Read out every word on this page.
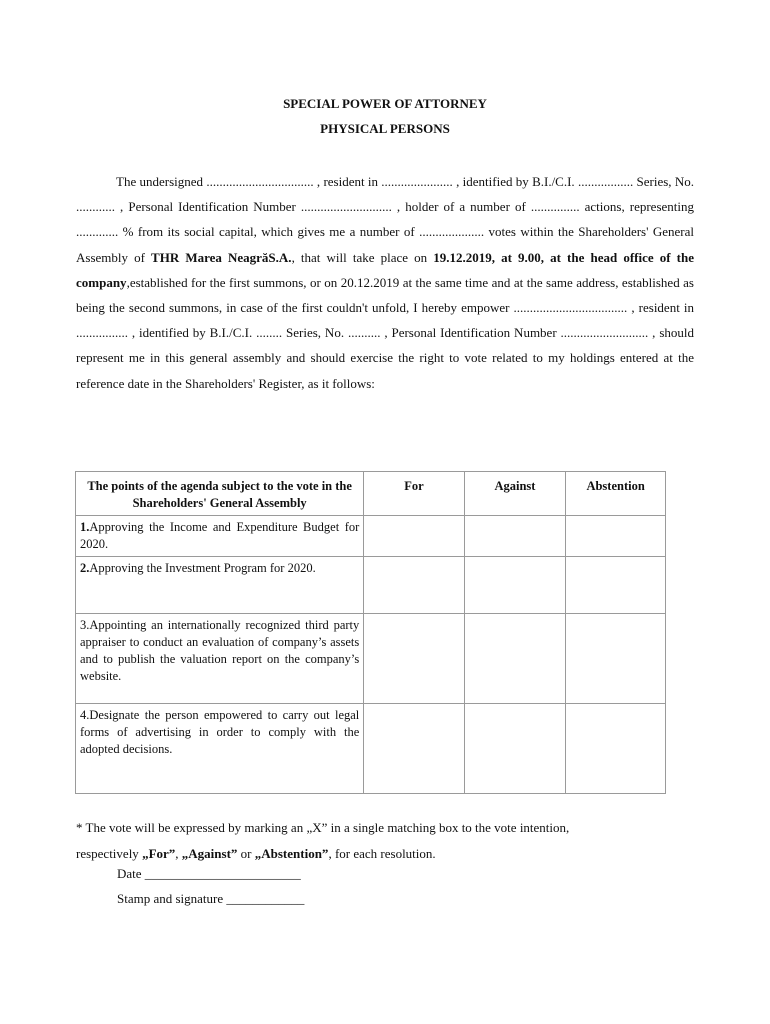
SPECIAL POWER OF ATTORNEY
PHYSICAL PERSONS
The undersigned ................................. , resident in ...................... , identified by B.I./C.I. ................. Series, No. ............ , Personal Identification Number ............................ , holder of a number of ............... actions, representing ............. % from its social capital, which gives me a number of .................... votes within the Shareholders' General Assembly of THR Marea NeagrăS.A., that will take place on 19.12.2019, at 9.00, at the head office of the company,established for the first summons, or on 20.12.2019 at the same time and at the same address, established as being the second summons, in case of the first couldn't unfold, I hereby empower ................................... , resident in ................ , identified by B.I./C.I. ........ Series, No. .......... , Personal Identification Number ........................... , should represent me in this general assembly and should exercise the right to vote related to my holdings entered at the reference date in the Shareholders' Register, as it follows:
The points of the agenda subject to the vote in the Shareholders' General Assembly	For	Against	Abstention
1.Approving the Income and Expenditure Budget for 2020.			
2.Approving the Investment Program for 2020.			
3.Appointing an internationally recognized third party appraiser to conduct an evaluation of company’s assets and to publish the valuation report on the company’s website.			
4.Designate the person empowered to carry out legal forms of advertising in order to comply with the adopted decisions.			
* The vote will be expressed by marking an „X” in a single matching box to the vote intention,
respectively „For”, „Against” or „Abstention”, for each resolution.
Date ________________________
Stamp and signature ____________
